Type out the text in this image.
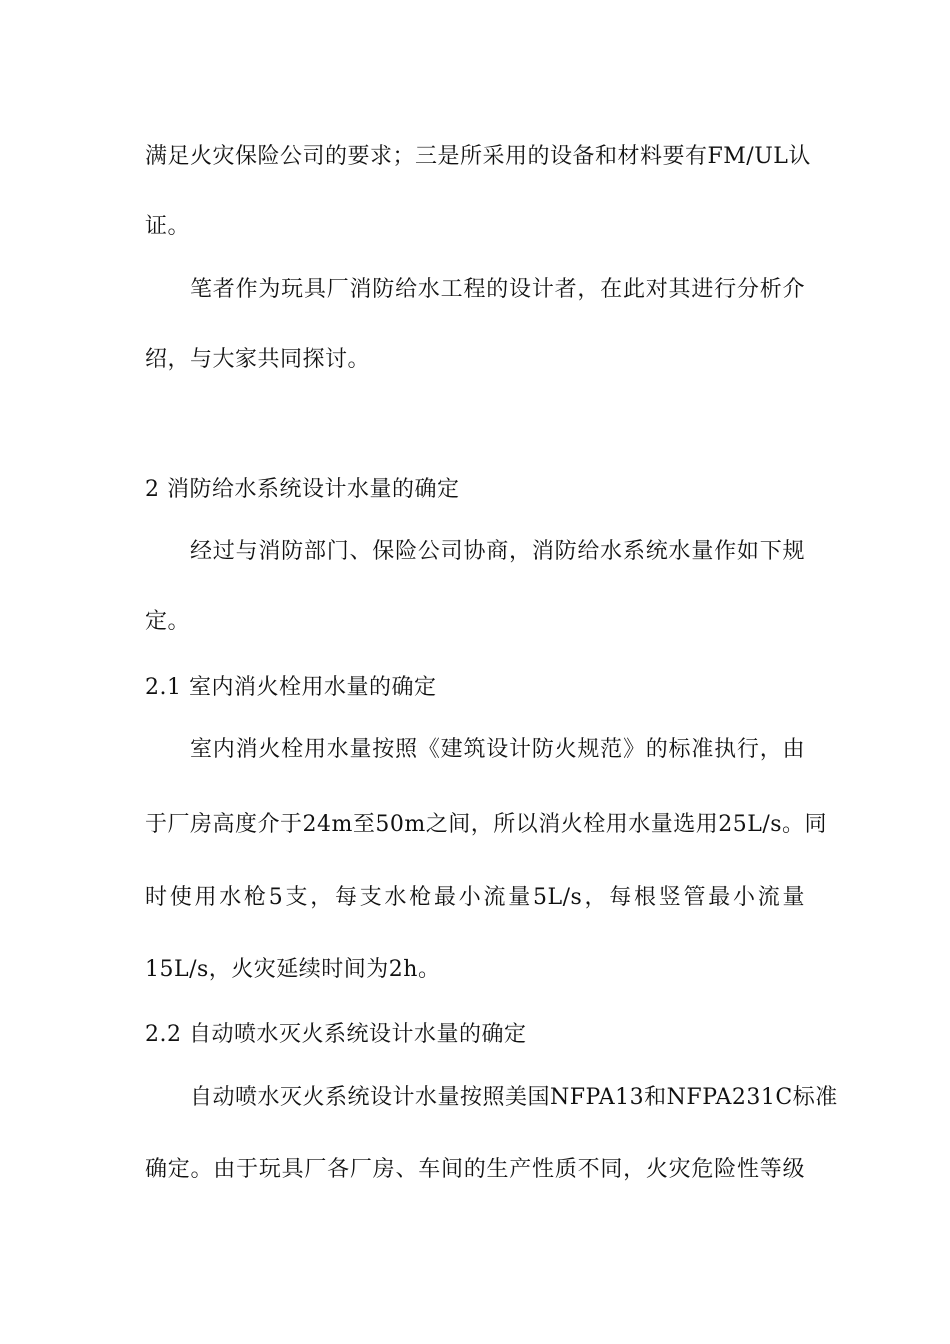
满足火灾保险公司的要求；三是所采用的设备和材料要有FM/UL认
证。
笔者作为玩具厂消防给水工程的设计者，在此对其进行分析介
绍，与大家共同探讨。
2 消防给水系统设计水量的确定
经过与消防部门、保险公司协商，消防给水系统水量作如下规
定。
2.1 室内消火栓用水量的确定
室内消火栓用水量按照《建筑设计防火规范》的标准执行，由
于厂房高度介于24m至50m之间，所以消火栓用水量选用25L/s。同
时使用水枪5支，每支水枪最小流量5L/s，每根竖管最小流量
15L/s，火灾延续时间为2h。
2.2 自动喷水灭火系统设计水量的确定
自动喷水灭火系统设计水量按照美国NFPA13和NFPA231C标准
确定。由于玩具厂各厂房、车间的生产性质不同，火灾危险性等级
